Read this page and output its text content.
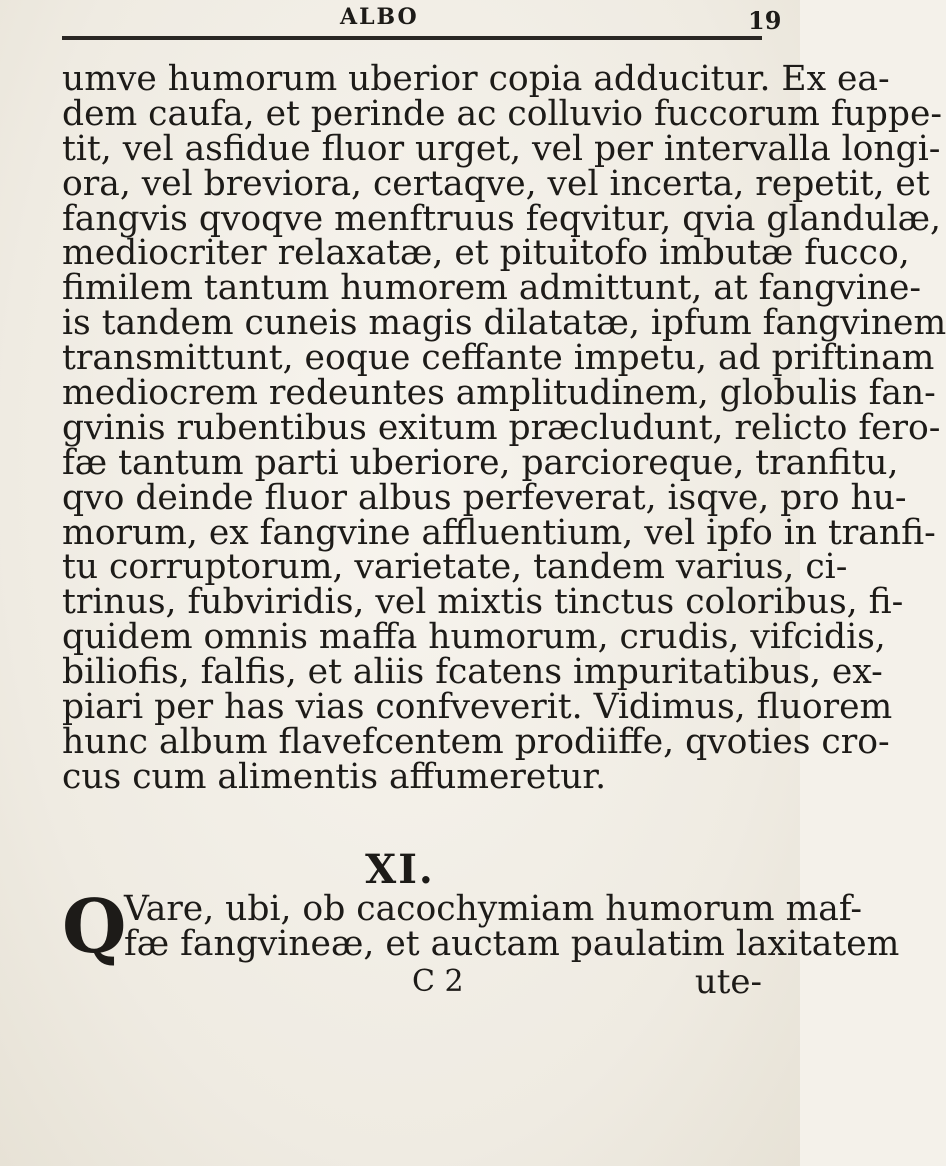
ALBO	19
umve humorum uberior copia adducitur. Ex ea-
dem caufa, et perinde ac colluvio fuccorum fuppe-
tit, vel asfidue fluor urget, vel per intervalla longi-
ora, vel breviora, certaqve, vel incerta, repetit, et
fangvis qvoqve menftruus feqvitur, qvia glandulæ,
mediocriter relaxatæ, et pituitofo imbutæ fucco,
fimilem tantum humorem admittunt, at fangvine-
is tandem cuneis magis dilatatæ, ipfum fangvinem
transmittunt, eoque ceffante impetu, ad priftinam
mediocrem redeuntes amplitudinem, globulis fan-
gvinis rubentibus exitum præcludunt, relicto fero-
fæ tantum parti uberiore, parcioreque, tranfitu,
qvo deinde fluor albus perfeverat, isqve, pro hu-
morum, ex fangvine affluentium, vel ipfo in tranfi-
tu corruptorum, varietate, tandem varius, ci-
trinus, fubviridis, vel mixtis tinctus coloribus, fi-
quidem omnis maffa humorum, crudis, vifcidis,
biliofis, falfis, et aliis fcatens impuritatibus, ex-
piari per has vias confveverit. Vidimus, fluorem
hunc album flavefcentem prodiiffe, qvoties cro-
cus cum alimentis affumeretur.
XI.
Q
Vare, ubi, ob cacochymiam humorum maf-
fæ fangvineæ, et auctam paulatim laxitatem
C 2	ute-
